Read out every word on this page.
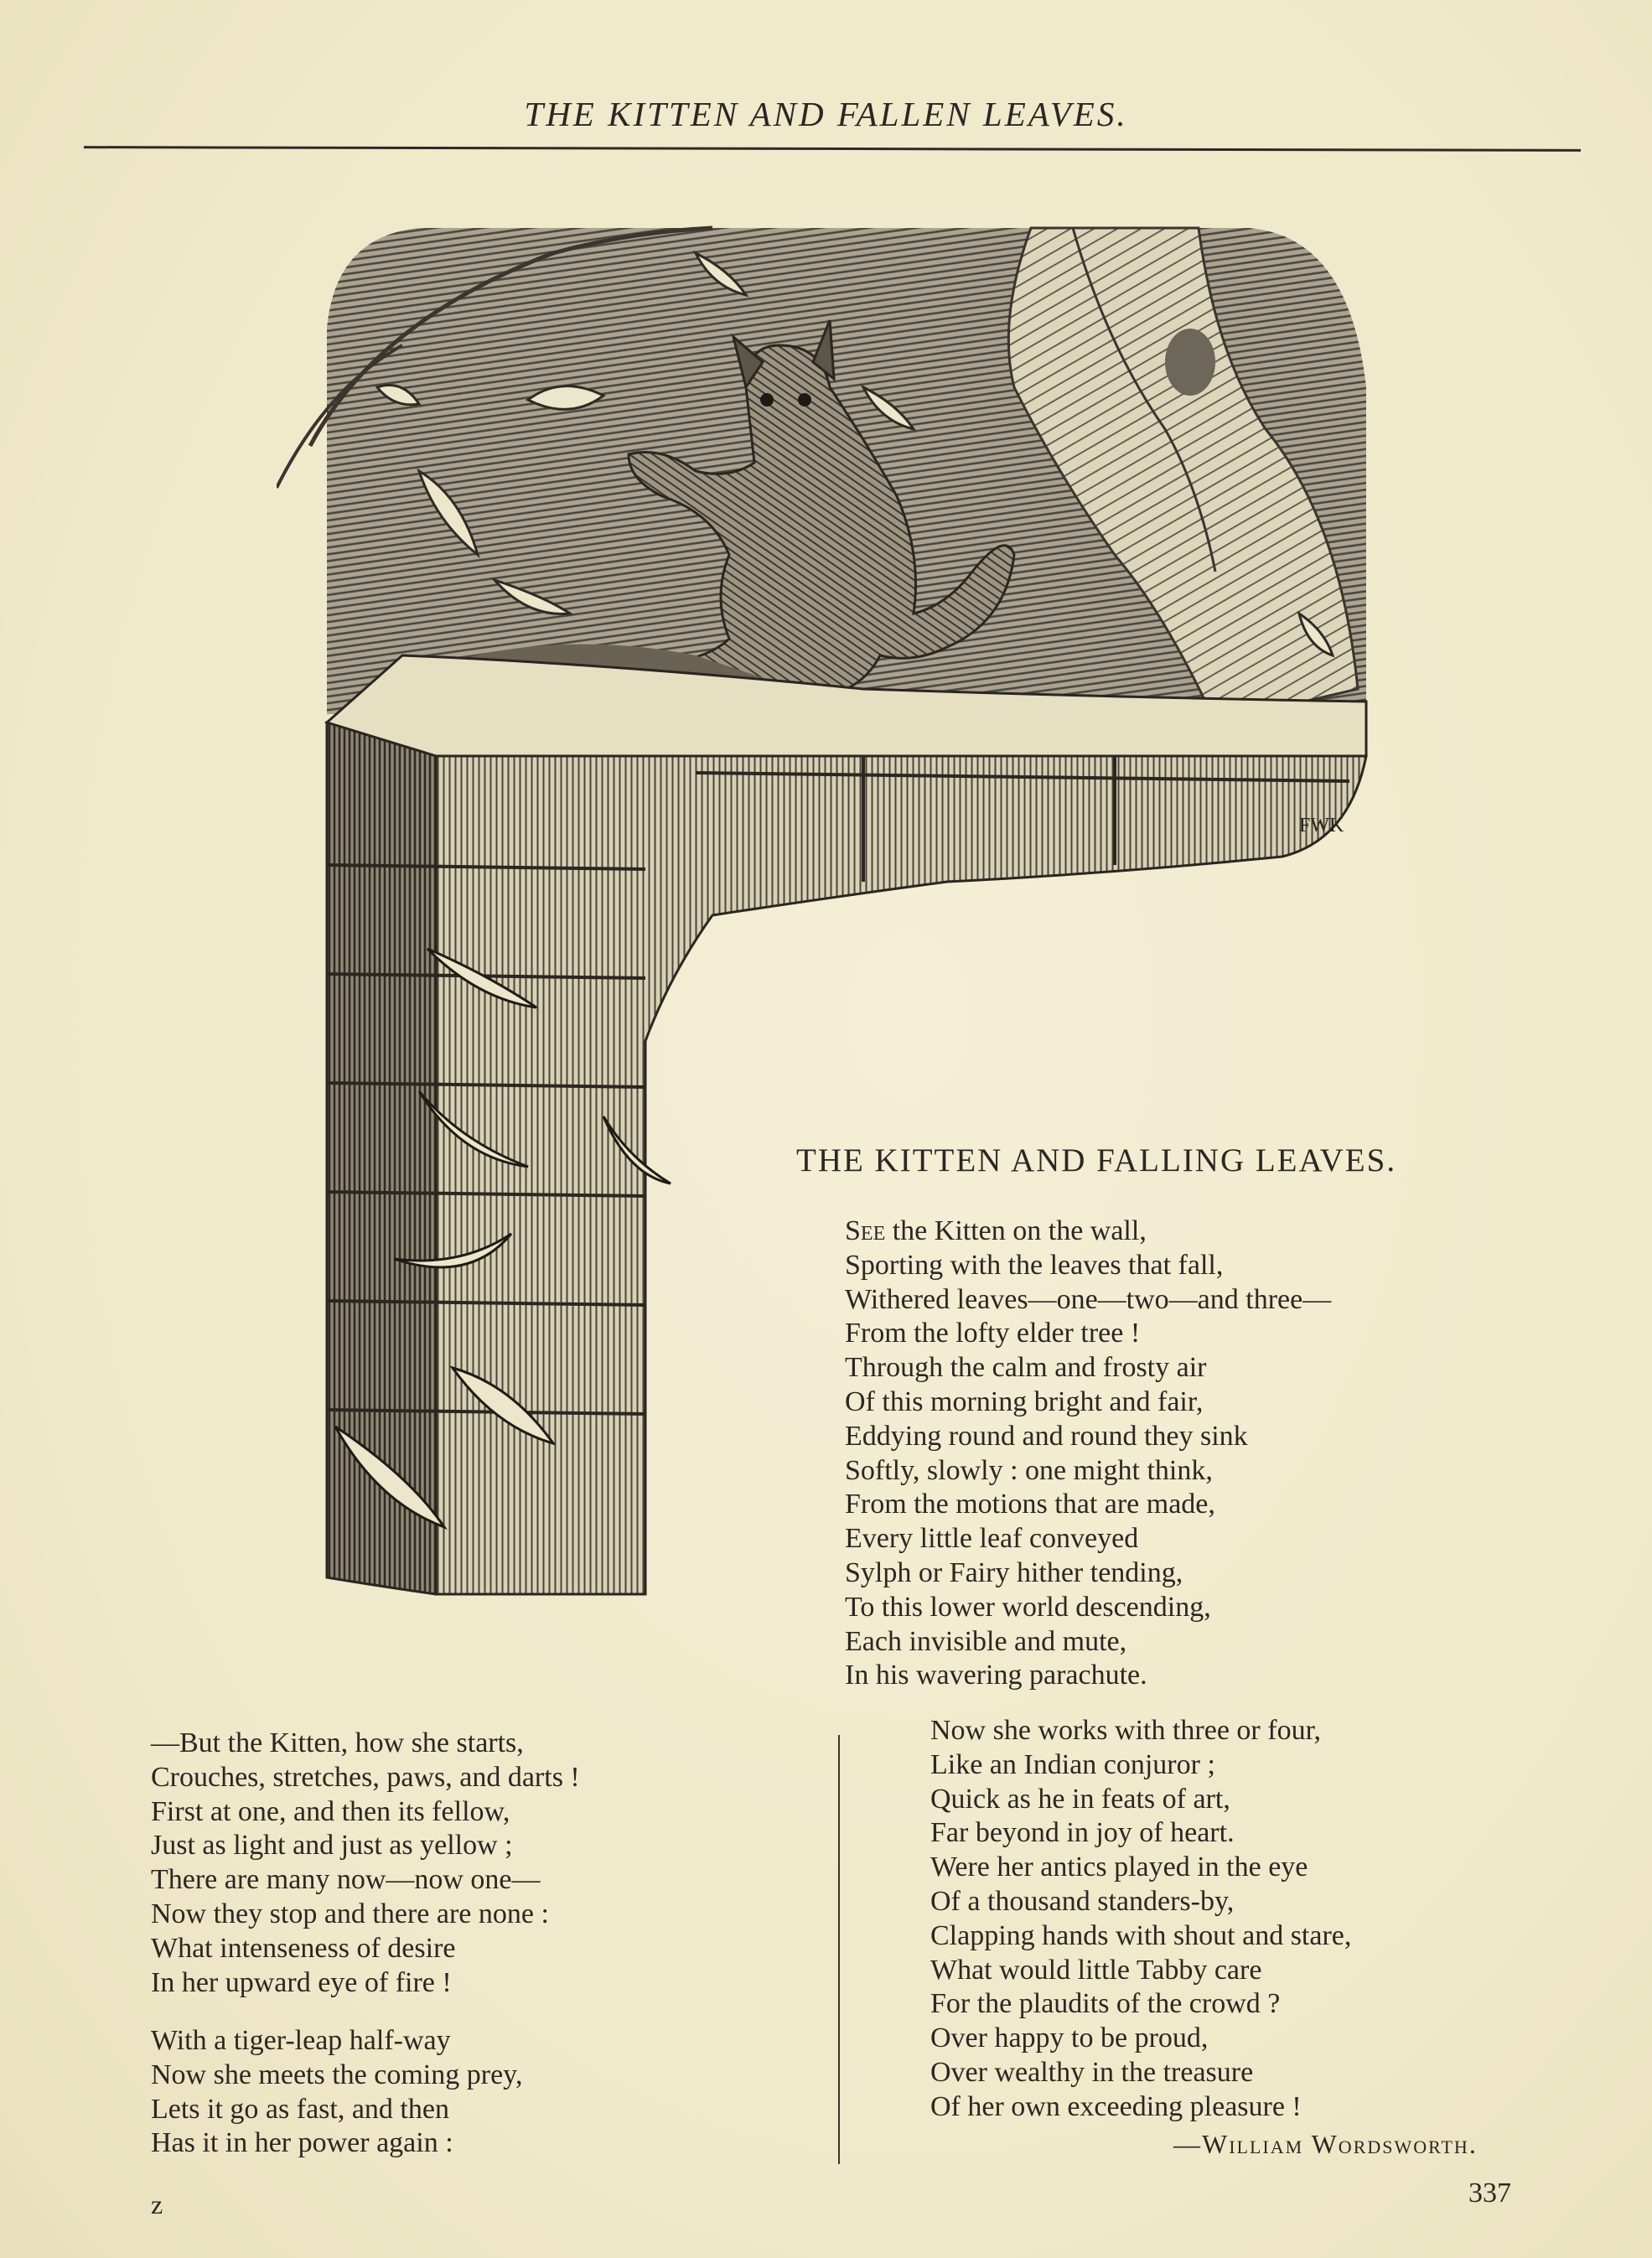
THE KITTEN AND FALLEN LEAVES.
FWK
THE KITTEN AND FALLING LEAVES.
See the Kitten on the wall,
Sporting with the leaves that fall,
Withered leaves—one—two—and three—
From the lofty elder tree !
Through the calm and frosty air
Of this morning bright and fair,
Eddying round and round they sink
Softly, slowly : one might think,
From the motions that are made,
Every little leaf conveyed
Sylph or Fairy hither tending,
To this lower world descending,
Each invisible and mute,
In his wavering parachute.
—But the Kitten, how she starts,
Crouches, stretches, paws, and darts !
First at one, and then its fellow,
Just as light and just as yellow ;
There are many now—now one—
Now they stop and there are none :
What intenseness of desire
In her upward eye of fire !
With a tiger-leap half-way
Now she meets the coming prey,
Lets it go as fast, and then
Has it in her power again :
Now she works with three or four,
Like an Indian conjuror ;
Quick as he in feats of art,
Far beyond in joy of heart.
Were her antics played in the eye
Of a thousand standers-by,
Clapping hands with shout and stare,
What would little Tabby care
For the plaudits of the crowd ?
Over happy to be proud,
Over wealthy in the treasure
Of her own exceeding pleasure !
—William Wordsworth.
z	337
